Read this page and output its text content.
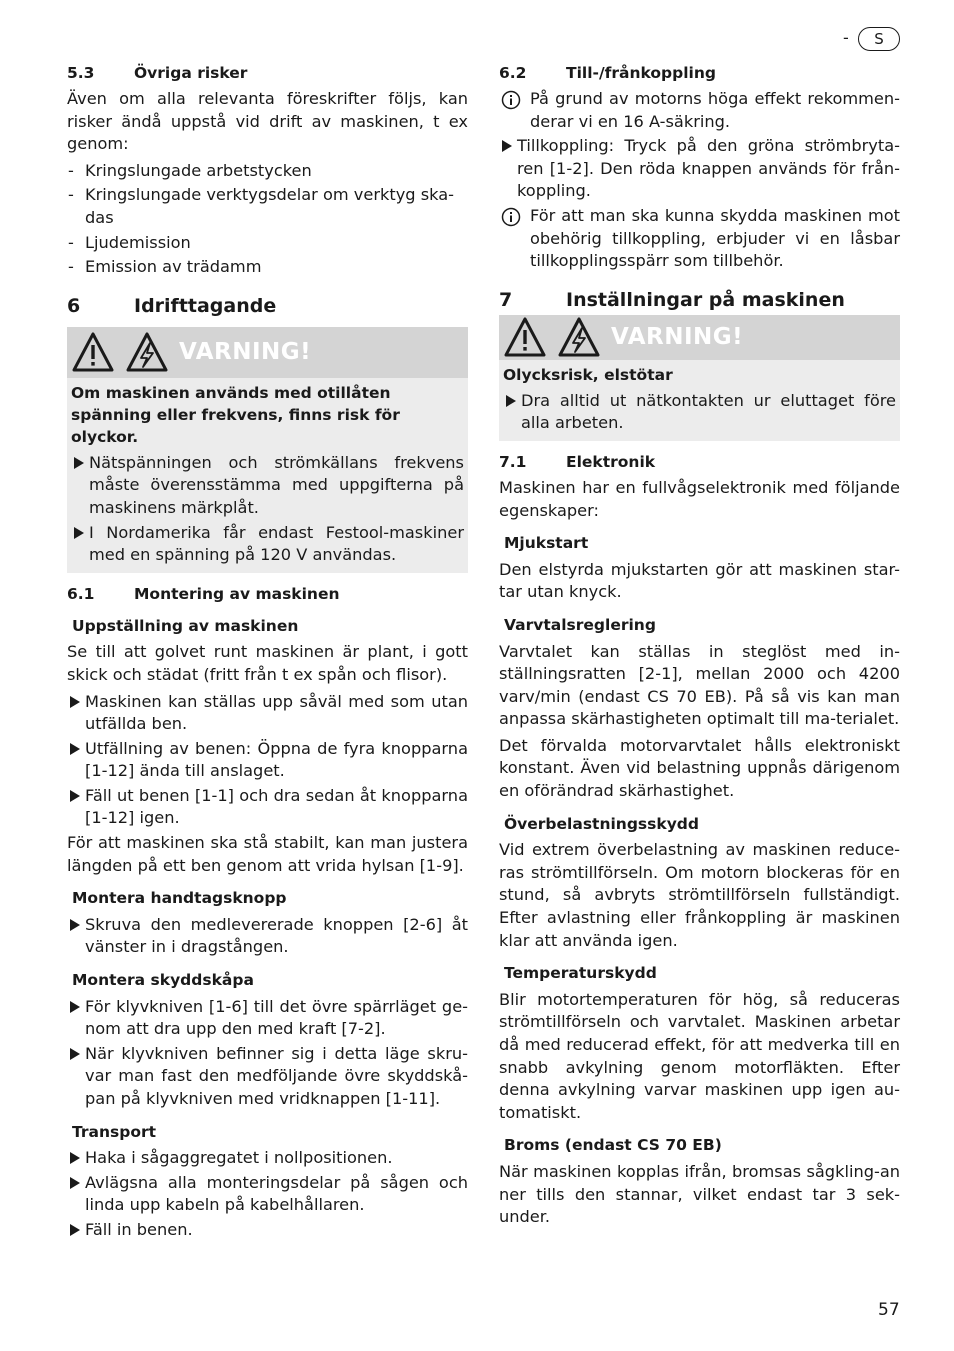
-	S
5.3	Övriga risker

Även om alla relevanta föreskrifter följs, kan risker ändå uppstå vid drift av maskinen, t ex genom:

- Kringslungade arbetstycken
- Kringslungade verktygsdelar om verktyg ska-das
- Ljudemission
- Emission av trädamm
6	Idrifttagande
VARNING!

Om maskinen används med otillåten spänning eller frekvens, finns risk för olyckor.

Nätspänningen och strömkällans frekvens måste överensstämma med uppgifterna på maskinens märkplåt.
I Nordamerika får endast Festool-maskiner med en spänning på 120 V användas.
6.1	Montering av maskinen
Uppställning av maskinen

Se till att golvet runt maskinen är plant, i gott skick och städat (fritt från t ex spån och flisor).

Maskinen kan ställas upp såväl med som utan utfällda ben.
Utfällning av benen: Öppna de fyra knopparna [1-12] ända till anslaget.
Fäll ut benen [1-1] och dra sedan åt knopparna [1-12] igen.

För att maskinen ska stå stabilt, kan man justera längden på ett ben genom att vrida hylsan [1-9].

Montera handtagsknopp
Skruva den medlevererade knoppen [2-6] åt vänster in i dragstången.
Montera skyddskåpa
För klyvkniven [1-6] till det övre spärrläget ge-nom att dra upp den med kraft [7-2].
När klyvkniven befinner sig i detta läge skru-var man fast den medföljande övre skyddskå-pan på klyvkniven med vridknappen [1-11].
Transport
Haka i sågaggregatet i nollpositionen.
Avlägsna alla monteringsdelar på sågen och linda upp kabeln på kabelhållaren.
Fäll in benen.
6.2	Till-/frånkoppling
På grund av motorns höga effekt rekommen-derar vi en 16 A-säkring.
Tillkoppling: Tryck på den gröna strömbryta-ren [1-2]. Den röda knappen används för från-koppling.
För att man ska kunna skydda maskinen mot obehörig tillkoppling, erbjuder vi en låsbar tillkopplingsspärr som tillbehör.
7	Inställningar på maskinen
VARNING!

Olycksrisk, elstötar

Dra alltid ut nätkontakten ur eluttaget före alla arbeten.
7.1	Elektronik

Maskinen har en fullvågselektronik med följande egenskaper:

Mjukstart

Den elstyrda mjukstarten gör att maskinen star-tar utan knyck.

Varvtalsreglering

Varvtalet kan ställas in steglöst med in-ställningsratten [2-1], mellan 2000 och 4200 varv/min (endast CS 70 EB). På så vis kan man anpassa skärhastigheten optimalt till ma-terialet.

Det förvalda motorvarvtalet hålls elektroniskt konstant. Även vid belastning uppnås därigenom en oförändrad skärhastighet.

Överbelastningsskydd

Vid extrem överbelastning av maskinen reduce-ras strömtillförseln. Om motorn blockeras för en stund, så avbryts strömtillförseln fullständigt. Efter avlastning eller frånkoppling är maskinen klar att använda igen.

Temperaturskydd

Blir motortemperaturen för hög, så reduceras strömtillförseln och varvtalet. Maskinen arbetar då med reducerad effekt, för att medverka till en snabb avkylning genom motorfläkten. Efter denna avkylning varvar maskinen upp igen au-tomatiskt.

Broms (endast CS 70 EB)

När maskinen kopplas ifrån, bromsas sågkling-an ner tills den stannar, vilket endast tar 3 sek-under.

57
